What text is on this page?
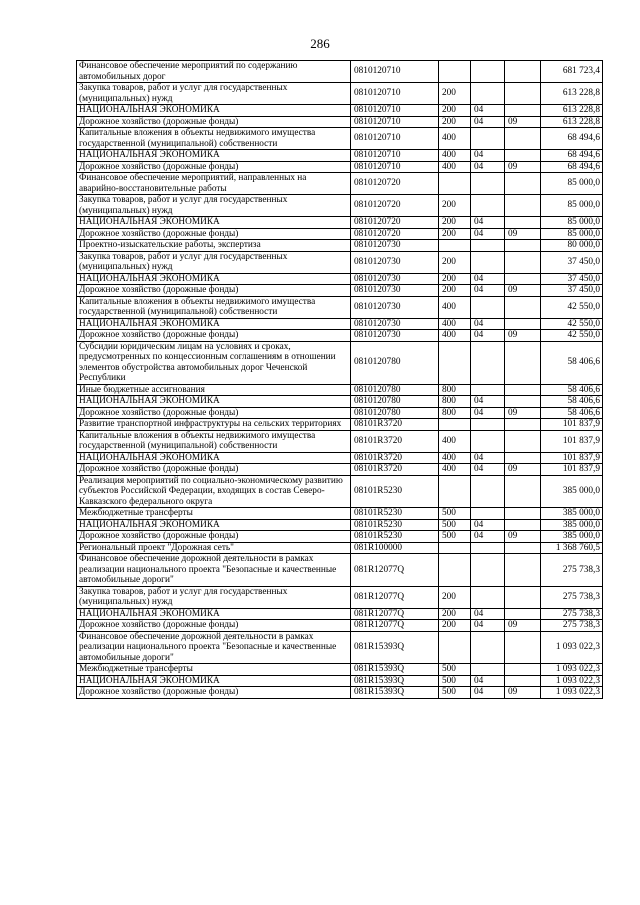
286
Финансовое обеспечение мероприятий по содержанию автомобильных дорог	0810120710				681 723,4
Закупка товаров, работ и услуг для государственных (муниципальных) нужд	0810120710	200			613 228,8
НАЦИОНАЛЬНАЯ ЭКОНОМИКА	0810120710	200	04		613 228,8
Дорожное хозяйство (дорожные фонды)	0810120710	200	04	09	613 228,8
Капитальные вложения в объекты недвижимого имущества государственной (муниципальной) собственности	0810120710	400			68 494,6
НАЦИОНАЛЬНАЯ ЭКОНОМИКА	0810120710	400	04		68 494,6
Дорожное хозяйство (дорожные фонды)	0810120710	400	04	09	68 494,6
Финансовое обеспечение мероприятий, направленных на аварийно-восстановительные работы	0810120720				85 000,0
Закупка товаров, работ и услуг для государственных (муниципальных) нужд	0810120720	200			85 000,0
НАЦИОНАЛЬНАЯ ЭКОНОМИКА	0810120720	200	04		85 000,0
Дорожное хозяйство (дорожные фонды)	0810120720	200	04	09	85 000,0
Проектно-изыскательские работы, экспертиза	0810120730				80 000,0
Закупка товаров, работ и услуг для государственных (муниципальных) нужд	0810120730	200			37 450,0
НАЦИОНАЛЬНАЯ ЭКОНОМИКА	0810120730	200	04		37 450,0
Дорожное хозяйство (дорожные фонды)	0810120730	200	04	09	37 450,0
Капитальные вложения в объекты недвижимого имущества государственной (муниципальной) собственности	0810120730	400			42 550,0
НАЦИОНАЛЬНАЯ ЭКОНОМИКА	0810120730	400	04		42 550,0
Дорожное хозяйство (дорожные фонды)	0810120730	400	04	09	42 550,0
Субсидии юридическим лицам на условиях и сроках, предусмотренных по концессионным соглашениям в отношении элементов обустройства автомобильных дорог Чеченской Республики	0810120780				58 406,6
Иные бюджетные ассигнования	0810120780	800			58 406,6
НАЦИОНАЛЬНАЯ ЭКОНОМИКА	0810120780	800	04		58 406,6
Дорожное хозяйство (дорожные фонды)	0810120780	800	04	09	58 406,6
Развитие транспортной инфраструктуры на сельских территориях	08101R3720				101 837,9
Капитальные вложения в объекты недвижимого имущества государственной (муниципальной) собственности	08101R3720	400			101 837,9
НАЦИОНАЛЬНАЯ ЭКОНОМИКА	08101R3720	400	04		101 837,9
Дорожное хозяйство (дорожные фонды)	08101R3720	400	04	09	101 837,9
Реализация мероприятий по социально-экономическому развитию субъектов Российской Федерации, входящих в состав Северо-Кавказского федерального округа	08101R5230				385 000,0
Межбюджетные трансферты	08101R5230	500			385 000,0
НАЦИОНАЛЬНАЯ ЭКОНОМИКА	08101R5230	500	04		385 000,0
Дорожное хозяйство (дорожные фонды)	08101R5230	500	04	09	385 000,0
Региональный проект "Дорожная сеть"	081R100000				1 368 760,5
Финансовое обеспечение дорожной деятельности в рамках реализации национального проекта "Безопасные и качественные автомобильные дороги"	081R12077Q				275 738,3
Закупка товаров, работ и услуг для государственных (муниципальных) нужд	081R12077Q	200			275 738,3
НАЦИОНАЛЬНАЯ ЭКОНОМИКА	081R12077Q	200	04		275 738,3
Дорожное хозяйство (дорожные фонды)	081R12077Q	200	04	09	275 738,3
Финансовое обеспечение дорожной деятельности в рамках реализации национального проекта "Безопасные и качественные автомобильные дороги"	081R15393Q				1 093 022,3
Межбюджетные трансферты	081R15393Q	500			1 093 022,3
НАЦИОНАЛЬНАЯ ЭКОНОМИКА	081R15393Q	500	04		1 093 022,3
Дорожное хозяйство (дорожные фонды)	081R15393Q	500	04	09	1 093 022,3
